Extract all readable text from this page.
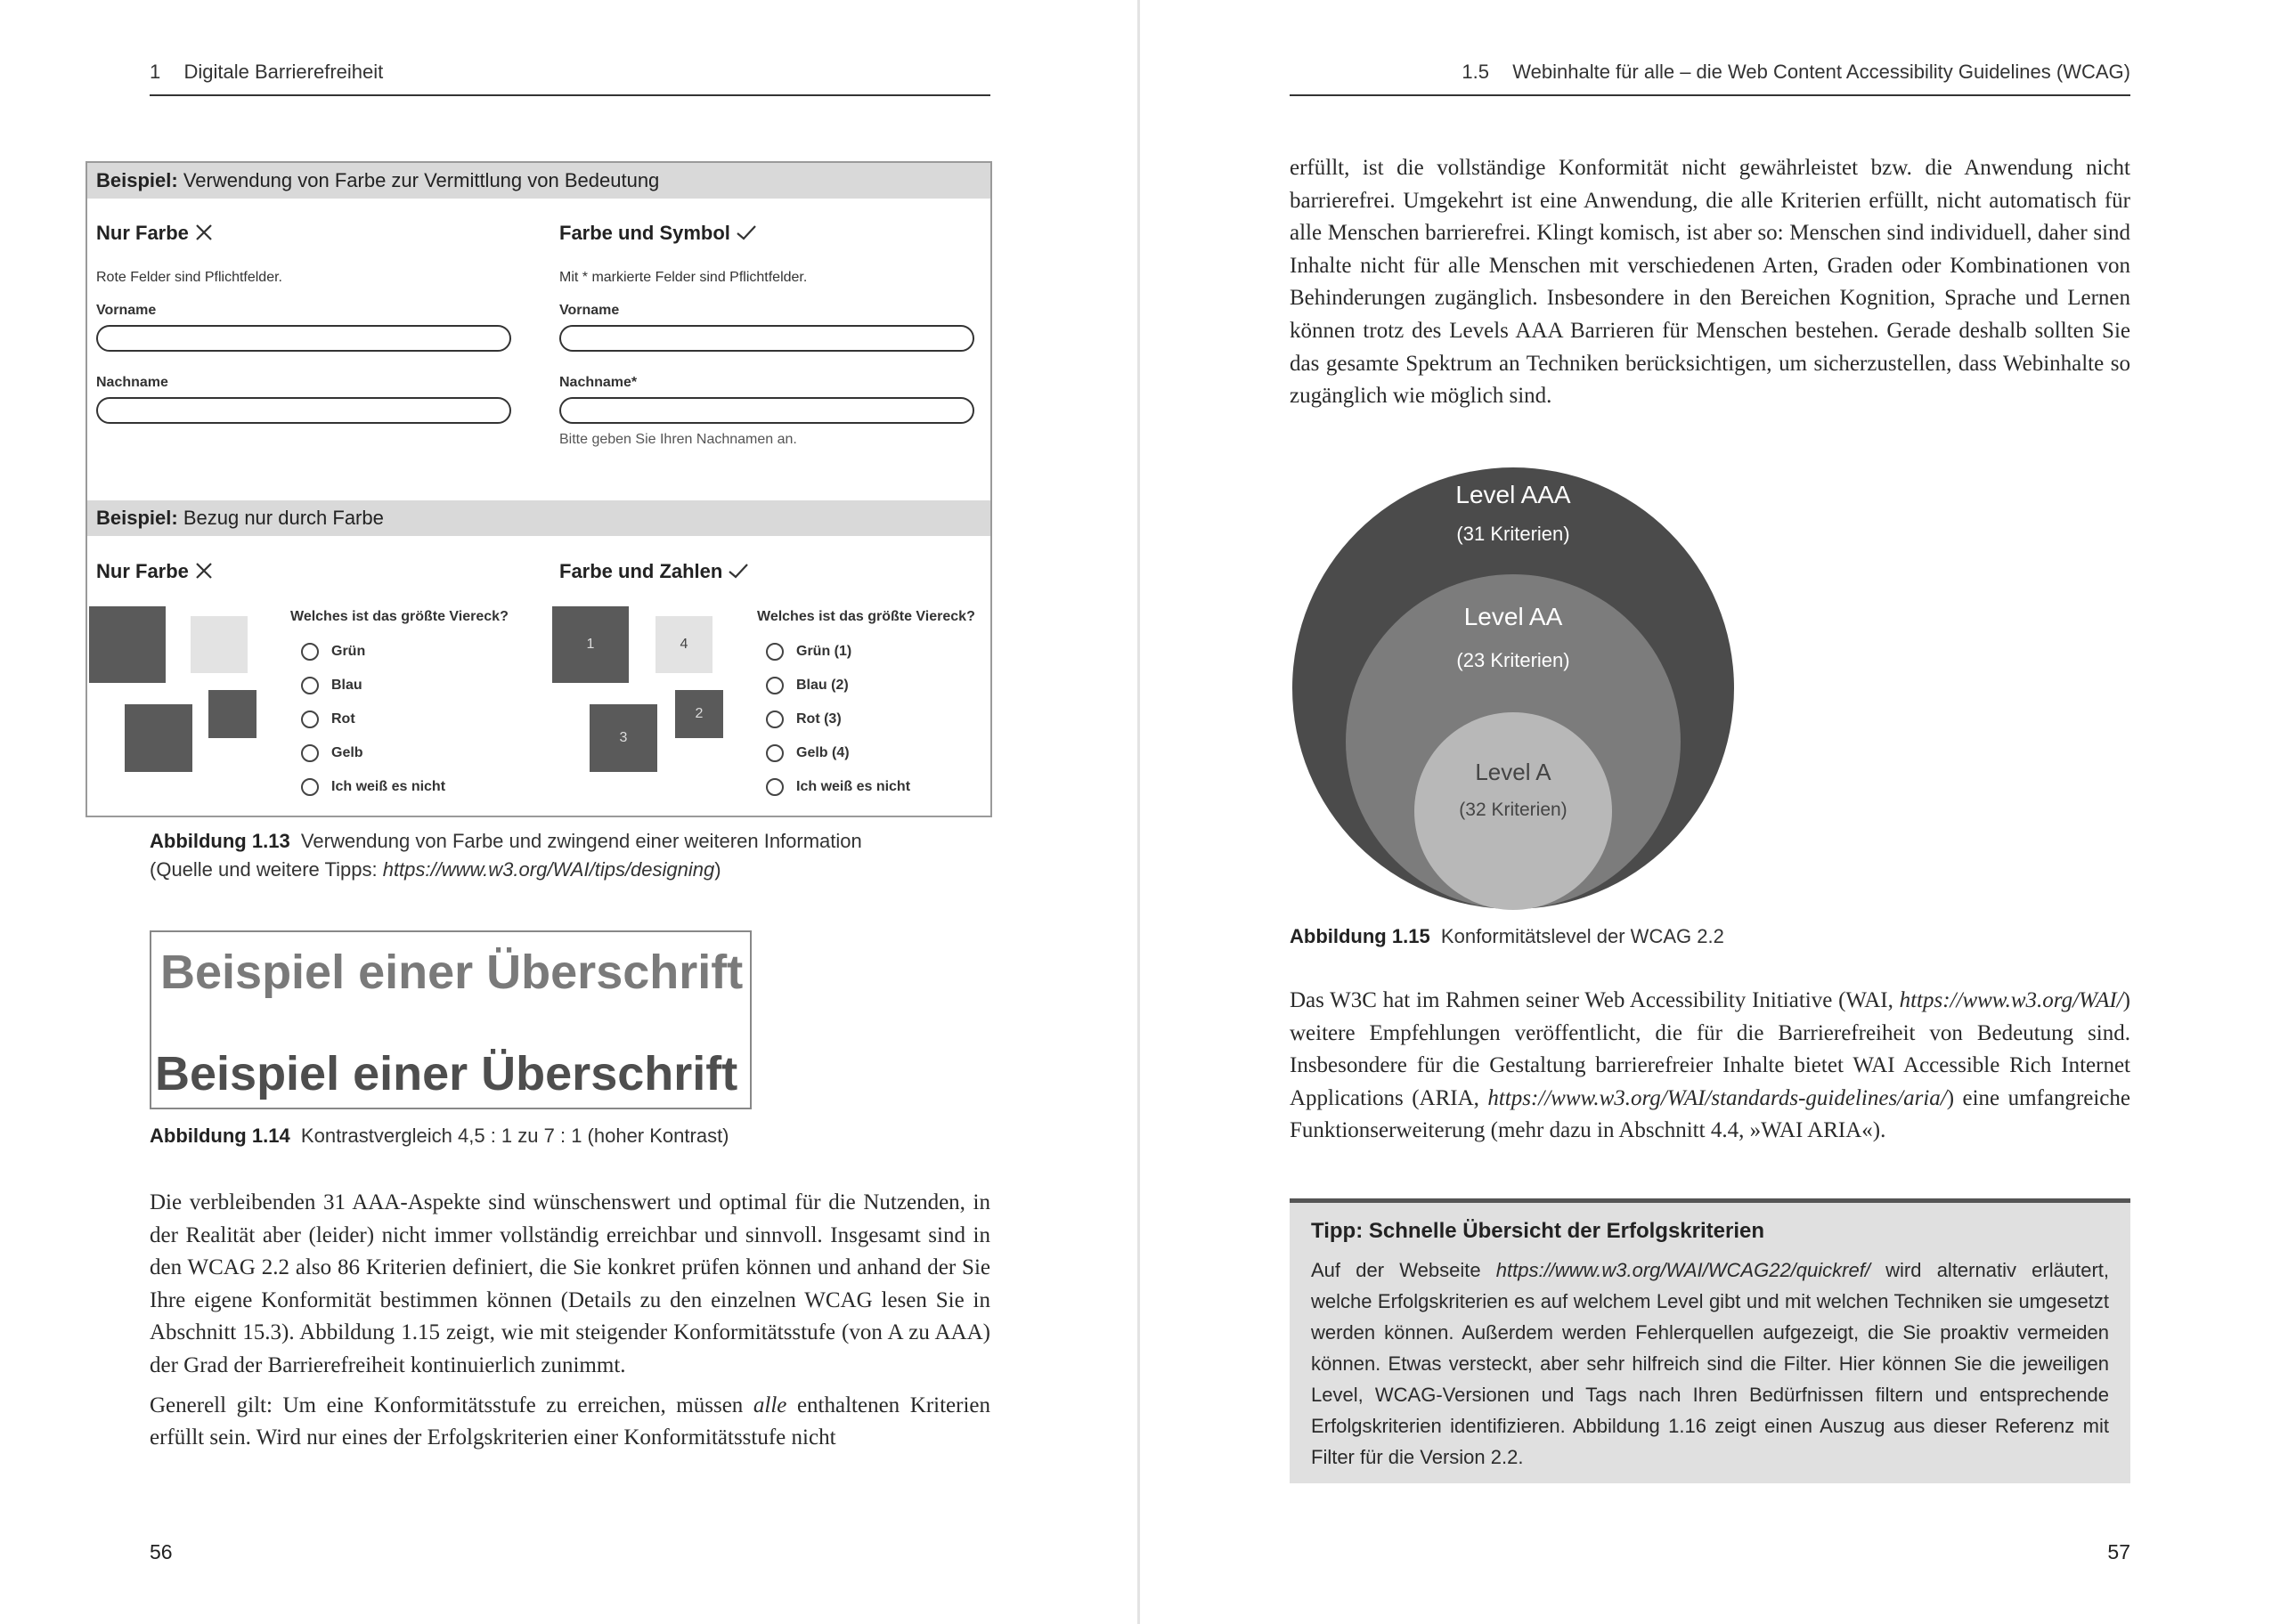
1 Digitale Barrierefreiheit
Beispiel: Verwendung von Farbe zur Vermittlung von Bedeutung
Nur Farbe
Rote Felder sind Pflichtfelder.
Vorname
Nachname
Farbe und Symbol
Mit * markierte Felder sind Pflichtfelder.
Vorname
Nachname*
Bitte geben Sie Ihren Nachnamen an.
Beispiel: Bezug nur durch Farbe
Nur Farbe	Farbe und Zahlen
Welches ist das größte Viereck?
Grün
Blau
Rot
Gelb
Ich weiß es nicht
1	4
2
3
Welches ist das größte Viereck?
Grün (1)
Blau (2)
Rot (3)
Gelb (4)
Ich weiß es nicht
Abbildung 1.13 Verwendung von Farbe und zwingend einer weiteren Information
(Quelle und weitere Tipps: https://www.w3.org/WAI/tips/designing)
Beispiel einer Überschrift
Beispiel einer Überschrift
Abbildung 1.14 Kontrastvergleich 4,5 : 1 zu 7 : 1 (hoher Kontrast)

Die verbleibenden 31 AAA-Aspekte sind wünschenswert und optimal für die Nutzenden, in der Realität aber (leider) nicht immer vollständig erreichbar und sinnvoll. Insgesamt sind in den WCAG 2.2 also 86 Kriterien definiert, die Sie konkret prüfen können und anhand der Sie Ihre eigene Konformität bestimmen können (Details zu den einzelnen WCAG lesen Sie in Abschnitt 15.3). Abbildung 1.15 zeigt, wie mit steigender Konformitätsstufe (von A zu AAA) der Grad der Barrierefreiheit kontinuierlich zunimmt.

Generell gilt: Um eine Konformitätsstufe zu erreichen, müssen alle enthaltenen Kriterien erfüllt sein. Wird nur eines der Erfolgskriterien einer Konformitätsstufe nicht

56
1.5 Webinhalte für alle – die Web Content Accessibility Guidelines (WCAG)
erfüllt, ist die vollständige Konformität nicht gewährleistet bzw. die Anwendung nicht barrierefrei. Umgekehrt ist eine Anwendung, die alle Kriterien erfüllt, nicht automatisch für alle Menschen barrierefrei. Klingt komisch, ist aber so: Menschen sind individuell, daher sind Inhalte nicht für alle Menschen mit verschiedenen Arten, Graden oder Kombinationen von Behinderungen zugänglich. Insbesondere in den Bereichen Kognition, Sprache und Lernen können trotz des Levels AAA Barrieren für Menschen bestehen. Gerade deshalb sollten Sie das gesamte Spektrum an Techniken berücksichtigen, um sicherzustellen, dass Webinhalte so zugänglich wie möglich sind.
Level AAA
(31 Kriterien)
Level AA
(23 Kriterien)
Level A
(32 Kriterien)
Abbildung 1.15 Konformitätslevel der WCAG 2.2
Das W3C hat im Rahmen seiner Web Accessibility Initiative (WAI, https://www.w3.org/WAI/) weitere Empfehlungen veröffentlicht, die für die Barrierefreiheit von Bedeutung sind. Insbesondere für die Gestaltung barrierefreier Inhalte bietet WAI Accessible Rich Internet Applications (ARIA, https://www.w3.org/WAI/standards-guidelines/aria/) eine umfangreiche Funktionserweiterung (mehr dazu in Abschnitt 4.4, »WAI ARIA«).
Tipp: Schnelle Übersicht der Erfolgskriterien
Auf der Webseite https://www.w3.org/WAI/WCAG22/quickref/ wird alternativ erläutert, welche Erfolgskriterien es auf welchem Level gibt und mit welchen Techniken sie umgesetzt werden können. Außerdem werden Fehlerquellen aufgezeigt, die Sie proaktiv vermeiden können. Etwas versteckt, aber sehr hilfreich sind die Filter. Hier können Sie die jeweiligen Level, WCAG-Versionen und Tags nach Ihren Bedürfnissen filtern und entsprechende Erfolgskriterien identifizieren. Abbildung 1.16 zeigt einen Auszug aus dieser Referenz mit Filter für die Version 2.2.
57
